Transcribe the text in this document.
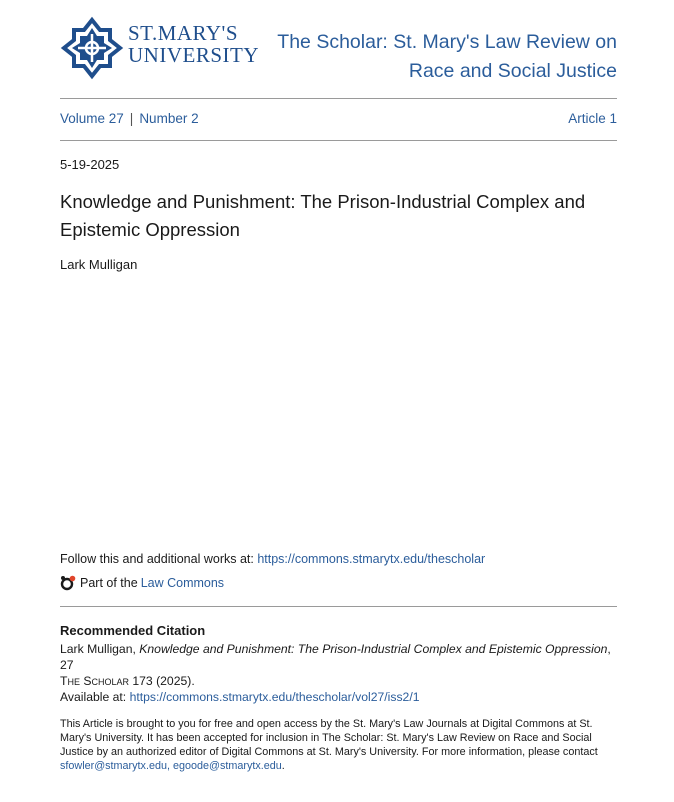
ST.MARY'S
UNIVERSITY
The Scholar: St. Mary's Law Review on Race and Social Justice
Volume 27 | Number 2	Article 1
5-19-2025
Knowledge and Punishment: The Prison-Industrial Complex and Epistemic Oppression
Lark Mulligan
Follow this and additional works at: https://commons.stmarytx.edu/thescholar
Part of the Law Commons
Recommended Citation
Lark Mulligan, Knowledge and Punishment: The Prison-Industrial Complex and Epistemic Oppression, 27
The Scholar 173 (2025).
Available at: https://commons.stmarytx.edu/thescholar/vol27/iss2/1
This Article is brought to you for free and open access by the St. Mary's Law Journals at Digital Commons at St. Mary's University. It has been accepted for inclusion in The Scholar: St. Mary's Law Review on Race and Social Justice by an authorized editor of Digital Commons at St. Mary's University. For more information, please contact sfowler@stmarytx.edu, egoode@stmarytx.edu.
